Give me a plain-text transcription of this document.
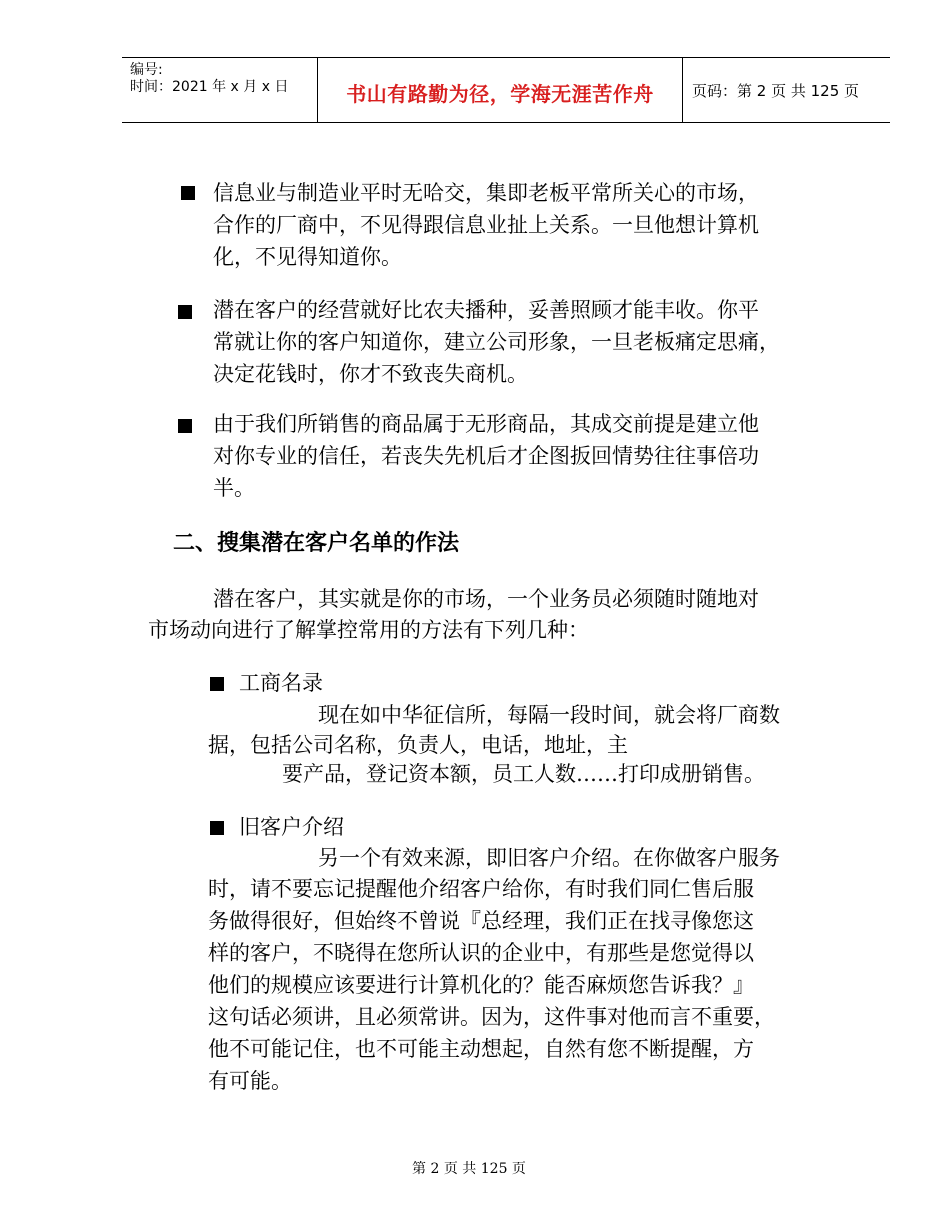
编号:
时间：2021 年 x 月 x 日	书山有路勤为径，学海无涯苦作舟	页码：第 2 页 共 125 页
信息业与制造业平时无哈交，集即老板平常所关心的市场，
合作的厂商中，不见得跟信息业扯上关系。一旦他想计算机
化，不见得知道你。
潜在客户的经营就好比农夫播种，妥善照顾才能丰收。你平
常就让你的客户知道你，建立公司形象，一旦老板痛定思痛，
决定花钱时，你才不致丧失商机。
由于我们所销售的商品属于无形商品，其成交前提是建立他
对你专业的信任，若丧失先机后才企图扳回情势往往事倍功
半。
二、搜集潜在客户名单的作法
潜在客户，其实就是你的市场，一个业务员必须随时随地对
市场动向进行了解掌控常用的方法有下列几种：
工商名录
现在如中华征信所，每隔一段时间，就会将厂商数
据，包括公司名称，负责人，电话，地址，主
要产品，登记资本额，员工人数……打印成册销售。
旧客户介绍
另一个有效来源，即旧客户介绍。在你做客户服务
时，请不要忘记提醒他介绍客户给你，有时我们同仁售后服
务做得很好，但始终不曾说『总经理，我们正在找寻像您这
样的客户，不晓得在您所认识的企业中，有那些是您觉得以
他们的规模应该要进行计算机化的？能否麻烦您告诉我？』
这句话必须讲，且必须常讲。因为，这件事对他而言不重要，
他不可能记住，也不可能主动想起，自然有您不断提醒，方
有可能。
第 2 页 共 125 页
